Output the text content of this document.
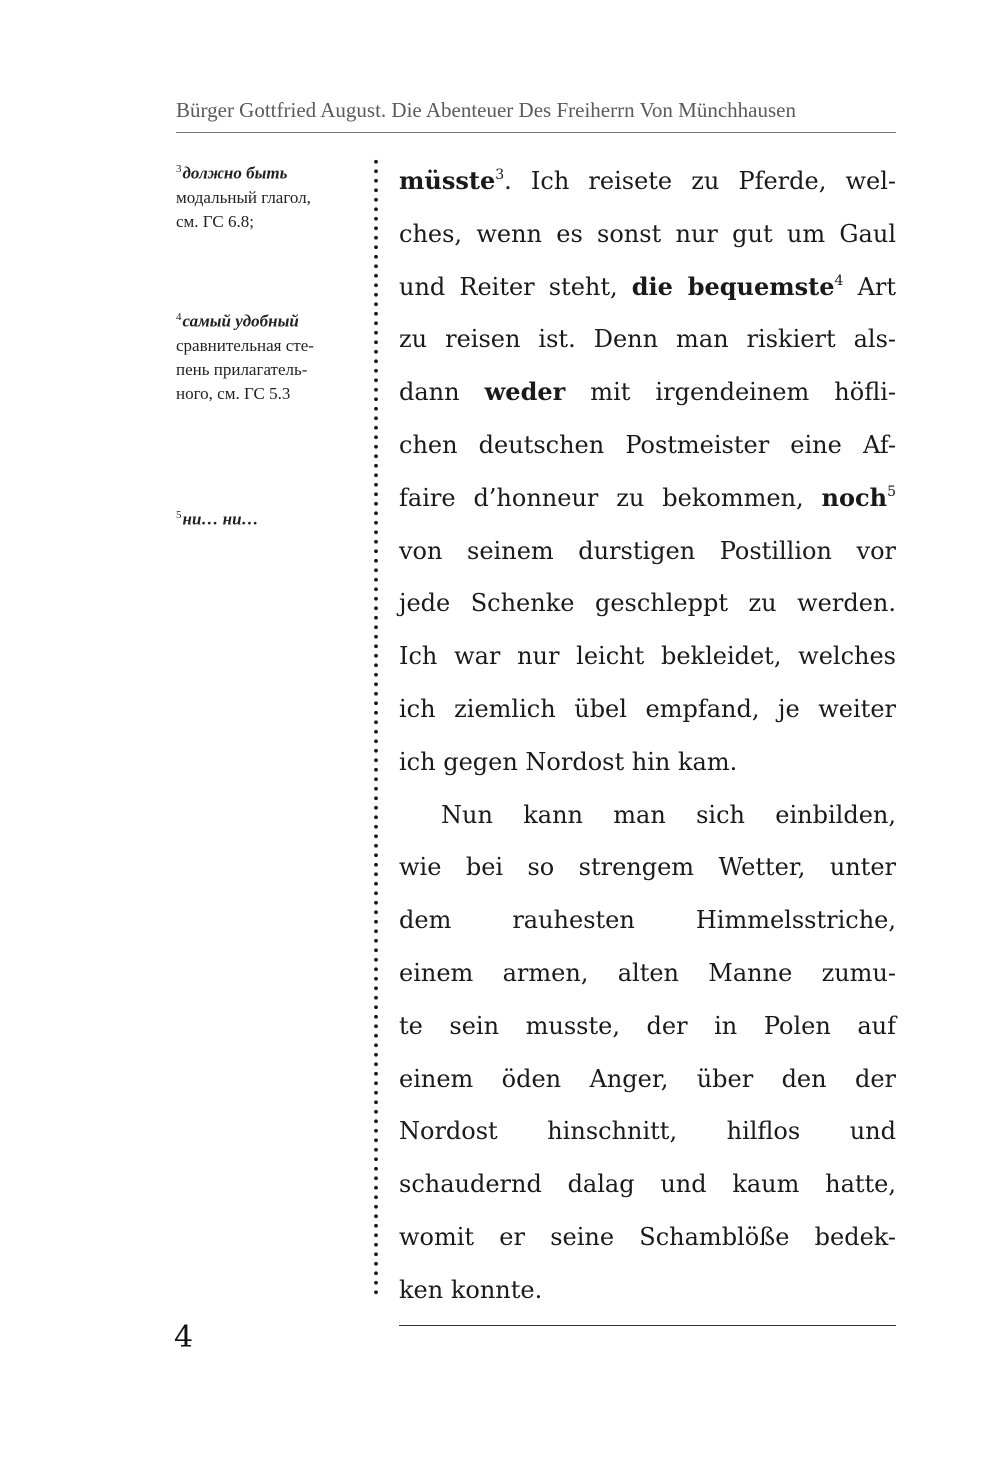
Bürger Gottfried August. Die Abenteuer Des Freiherrn Von Münchhausen
$^3$должно быть
модальный глагол,
см. ГС 6.8;
$^4$самый удобный
сравнительная сте-
пень прилагатель-
ного, см. ГС 5.3
$^5$ни… ни…
müsste$^3$. Ich reisete zu Pferde, wel-
ches, wenn es sonst nur gut um Gaul
und Reiter steht, die bequemste$^4$ Art
zu reisen ist. Denn man riskiert als-
dann weder mit irgendeinem höfli-
chen deutschen Postmeister eine Af-
faire d’honneur zu bekommen, noch$^5$
von seinem durstigen Postillion vor
jede Schenke geschleppt zu werden.
Ich war nur leicht bekleidet, welches
ich ziemlich übel empfand, je weiter
ich gegen Nordost hin kam.
Nun kann man sich einbilden,
wie bei so strengem Wetter, unter
dem rauhesten Himmelsstriche,
einem armen, alten Manne zumu-
te sein musste, der in Polen auf
einem öden Anger, über den der
Nordost hinschnitt, hilflos und
schaudernd dalag und kaum hatte,
womit er seine Schamblöße bedek-
ken konnte.
4
